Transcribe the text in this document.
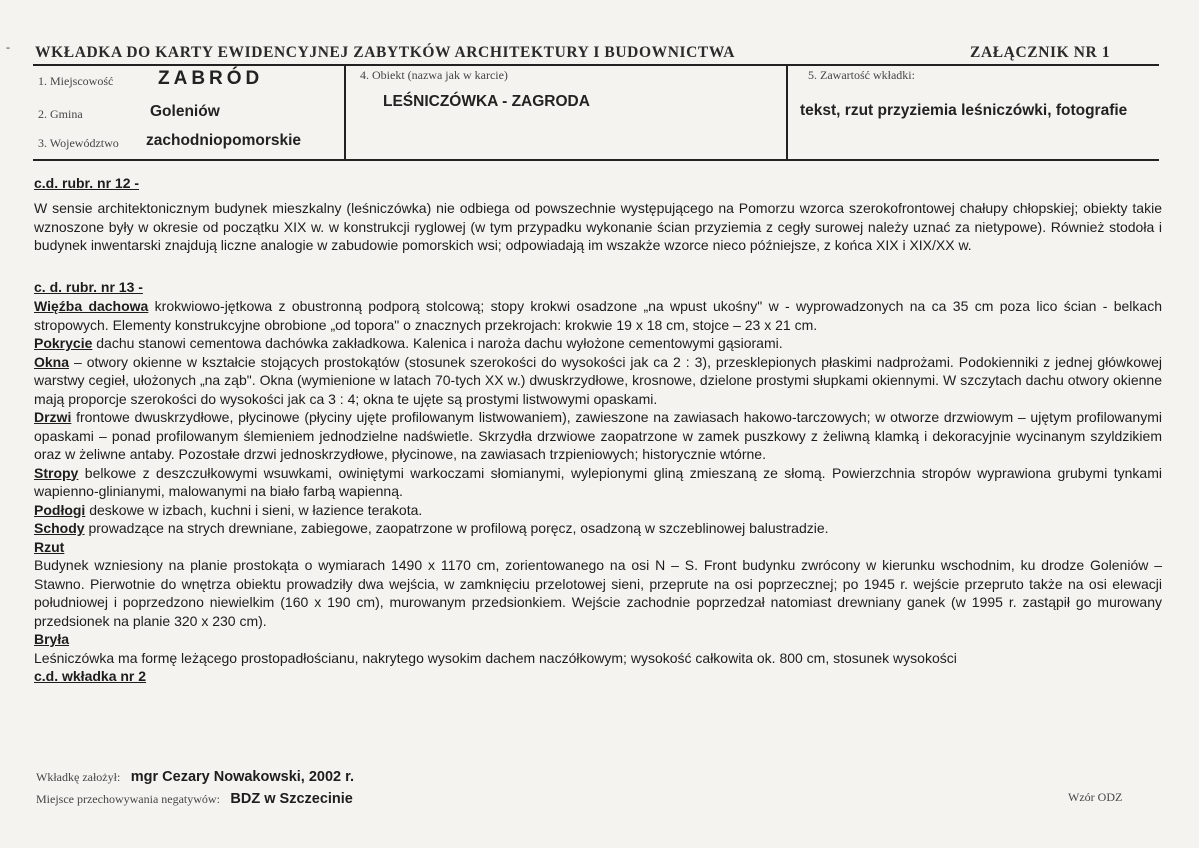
- WKŁADKA DO KARTY EWIDENCYJNEJ ZABYTKÓW ARCHITEKTURY I BUDOWNICTWA	ZAŁĄCZNIK NR 1
1. Miejscowość ZABRÓD
2. Gmina	Goleniów
3. Województwo zachodniopomorskie
4. Obiekt (nazwa jak w karcie)
LEŚNICZÓWKA - ZAGRODA
5. Zawartość wkładki:
tekst, rzut przyziemia leśniczówki, fotografie
c.d. rubr. nr 12 -

W sensie architektonicznym budynek mieszkalny (leśniczówka) nie odbiega od powszechnie występującego na Pomorzu wzorca szerokofrontowej chałupy chłopskiej; obiekty takie wznoszone były w okresie od początku XIX w. w konstrukcji ryglowej (w tym przypadku wykonanie ścian przyziemia z cegły surowej należy uznać za nietypowe). Również stodoła i budynek inwentarski znajdują liczne analogie w zabudowie pomorskich wsi; odpowiadają im wszakże wzorce nieco późniejsze, z końca XIX i XIX/XX w.

c. d. rubr. nr 13 -

Więźba dachowa krokwiowo-jętkowa z obustronną podporą stolcową; stopy krokwi osadzone „na wpust ukośny" w - wyprowadzonych na ca 35 cm poza lico ścian - belkach stropowych. Elementy konstrukcyjne obrobione „od topora" o znacznych przekrojach: krokwie 19 x 18 cm, stojce – 23 x 21 cm.

Pokrycie dachu stanowi cementowa dachówka zakładkowa. Kalenica i naroża dachu wyłożone cementowymi gąsiorami.

Okna – otwory okienne w kształcie stojących prostokątów (stosunek szerokości do wysokości jak ca 2 : 3), przesklepionych płaskimi nadprożami. Podokienniki z jednej główkowej warstwy cegieł, ułożonych „na ząb". Okna (wymienione w latach 70-tych XX w.) dwuskrzydłowe, krosnowe, dzielone prostymi słupkami okiennymi. W szczytach dachu otwory okienne mają proporcje szerokości do wysokości jak ca 3 : 4; okna te ujęte są prostymi listwowymi opaskami.

Drzwi frontowe dwuskrzydłowe, płycinowe (płyciny ujęte profilowanym listwowaniem), zawieszone na zawiasach hakowo-tarczowych; w otworze drzwiowym – ujętym profilowanymi opaskami – ponad profilowanym ślemieniem jednodzielne nadświetle. Skrzydła drzwiowe zaopatrzone w zamek puszkowy z żeliwną klamką i dekoracyjnie wycinanym szyldzikiem oraz w żeliwne antaby. Pozostałe drzwi jednoskrzydłowe, płycinowe, na zawiasach trzpieniowych; historycznie wtórne.

Stropy belkowe z deszczułkowymi wsuwkami, owiniętymi warkoczami słomianymi, wylepionymi gliną zmieszaną ze słomą. Powierzchnia stropów wyprawiona grubymi tynkami wapienno-glinianymi, malowanymi na biało farbą wapienną.

Podłogi deskowe w izbach, kuchni i sieni, w łazience terakota.

Schody prowadzące na strych drewniane, zabiegowe, zaopatrzone w profilową poręcz, osadzoną w szczeblinowej balustradzie.

Rzut

Budynek wzniesiony na planie prostokąta o wymiarach 1490 x 1170 cm, zorientowanego na osi N – S. Front budynku zwrócony w kierunku wschodnim, ku drodze Goleniów – Stawno. Pierwotnie do wnętrza obiektu prowadziły dwa wejścia, w zamknięciu przelotowej sieni, przeprute na osi poprzecznej; po 1945 r. wejście przepruto także na osi elewacji południowej i poprzedzono niewielkim (160 x 190 cm), murowanym przedsionkiem. Wejście zachodnie poprzedzał natomiast drewniany ganek (w 1995 r. zastąpił go murowany przedsionek na planie 320 x 230 cm).

Bryła

Leśniczówka ma formę leżącego prostopadłościanu, nakrytego wysokim dachem naczółkowym; wysokość całkowita ok. 800 cm, stosunek wysokości

c.d. wkładka nr 2

Wkładkę założył: mgr Cezary Nowakowski, 2002 r.
Miejsce przechowywania negatywów: BDZ w Szczecinie	Wzór ODZ
